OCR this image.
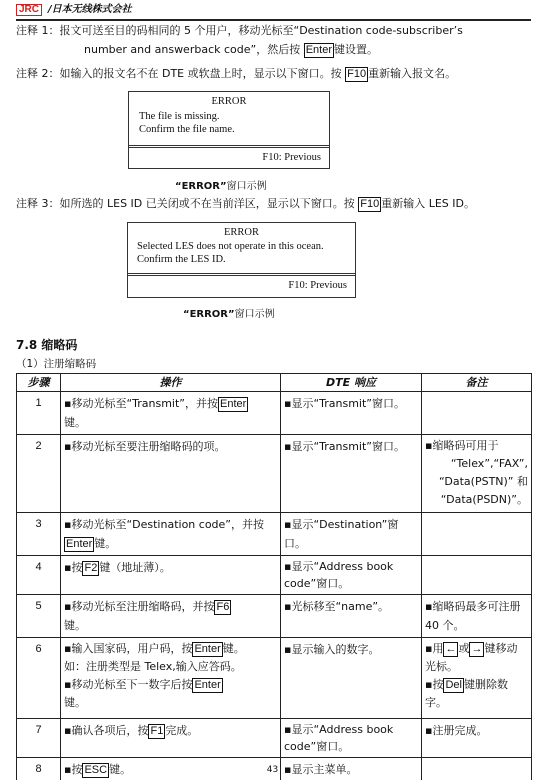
JRC /日本无线株式会社
注释 1：报文可送至目的码相同的 5 个用户，移动光标至“Destination code-subscriber’s
number and answerback code”，然后按 Enter 键设置。
注释 2：如输入的报文名不在 DTE 或软盘上时，显示以下窗口。按 F10 重新输入报文名。
ERROR
The file is missing.
Confirm the file name.
F10: Previous
“ERROR”窗口示例
注释 3：如所选的 LES ID 已关闭或不在当前洋区，显示以下窗口。按 F10 重新输入 LES ID。
ERROR
Selected LES does not operate in this ocean.
Confirm the LES ID.
F10: Previous
“ERROR”窗口示例
7.8 缩略码
（1）注册缩略码
步骤	操作	DTE 响应	备注
1	▪移动光标至“Transmit”，并按 Enter
键。	▪显示“Transmit”窗口。	
2	▪移动光标至要注册缩略码的项。	▪显示“Transmit”窗口。	▪缩略码可用于
“Telex”,“FAX”,
“Data(PSTN)” 和
“Data(PSDN)”。

3	▪移动光标至“Destination code”，并按Enter 键。	▪显示“Destination”窗口。	
4	▪按 F2 键（地址薄）。	▪显示“Address book code”窗口。	
5	▪移动光标至注册缩略码，并按 F6
键。	▪光标移至“name”。	▪缩略码最多可注册 40 个。
6	▪输入国家码，用户码，按 Enter 键。
如：注册类型是 Telex,输入应答码。
▪移动光标至下一数字后按 Enter
键。	▪显示输入的数字。	▪用 ← 或 → 键移动光标。
▪按 Del 键删除数字。
7	▪确认各项后，按 F1 完成。	▪显示“Address book code”窗口。	▪注册完成。
8	▪按 ESC 键。	▪显示主菜单。	
43
